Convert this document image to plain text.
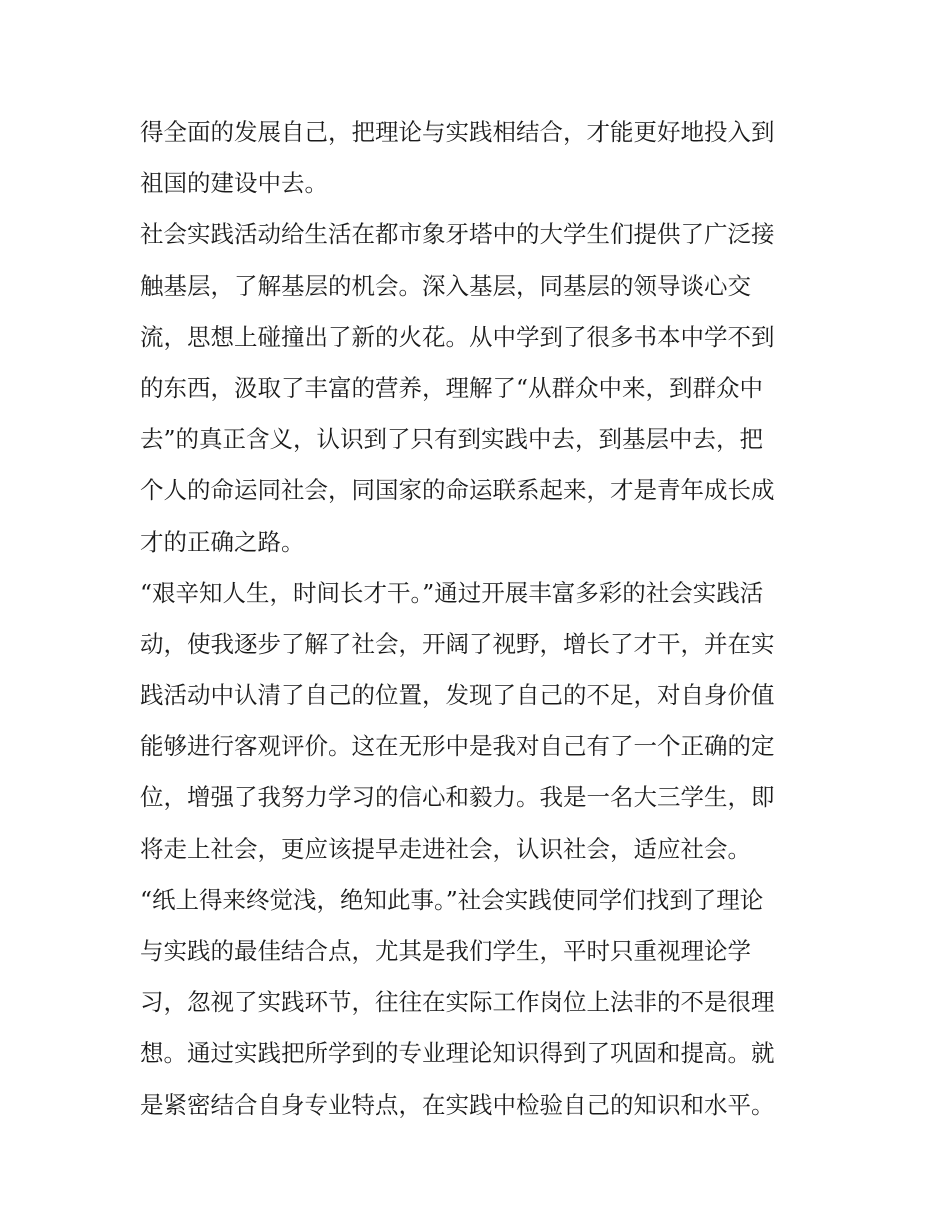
得全面的发展自己，把理论与实践相结合，才能更好地投入到
祖国的建设中去。
社会实践活动给生活在都市象牙塔中的大学生们提供了广泛接
触基层，了解基层的机会。深入基层，同基层的领导谈心交
流，思想上碰撞出了新的火花。从中学到了很多书本中学不到
的东西，汲取了丰富的营养，理解了“从群众中来，到群众中
去”的真正含义，认识到了只有到实践中去，到基层中去，把
个人的命运同社会，同国家的命运联系起来，才是青年成长成
才的正确之路。
“艰辛知人生，时间长才干。”通过开展丰富多彩的社会实践活
动，使我逐步了解了社会，开阔了视野，增长了才干，并在实
践活动中认清了自己的位置，发现了自己的不足，对自身价值
能够进行客观评价。这在无形中是我对自己有了一个正确的定
位，增强了我努力学习的信心和毅力。我是一名大三学生，即
将走上社会，更应该提早走进社会，认识社会，适应社会。
“纸上得来终觉浅，绝知此事。”社会实践使同学们找到了理论
与实践的最佳结合点，尤其是我们学生，平时只重视理论学
习，忽视了实践环节，往往在实际工作岗位上法非的不是很理
想。通过实践把所学到的专业理论知识得到了巩固和提高。就
是紧密结合自身专业特点，在实践中检验自己的知识和水平。
